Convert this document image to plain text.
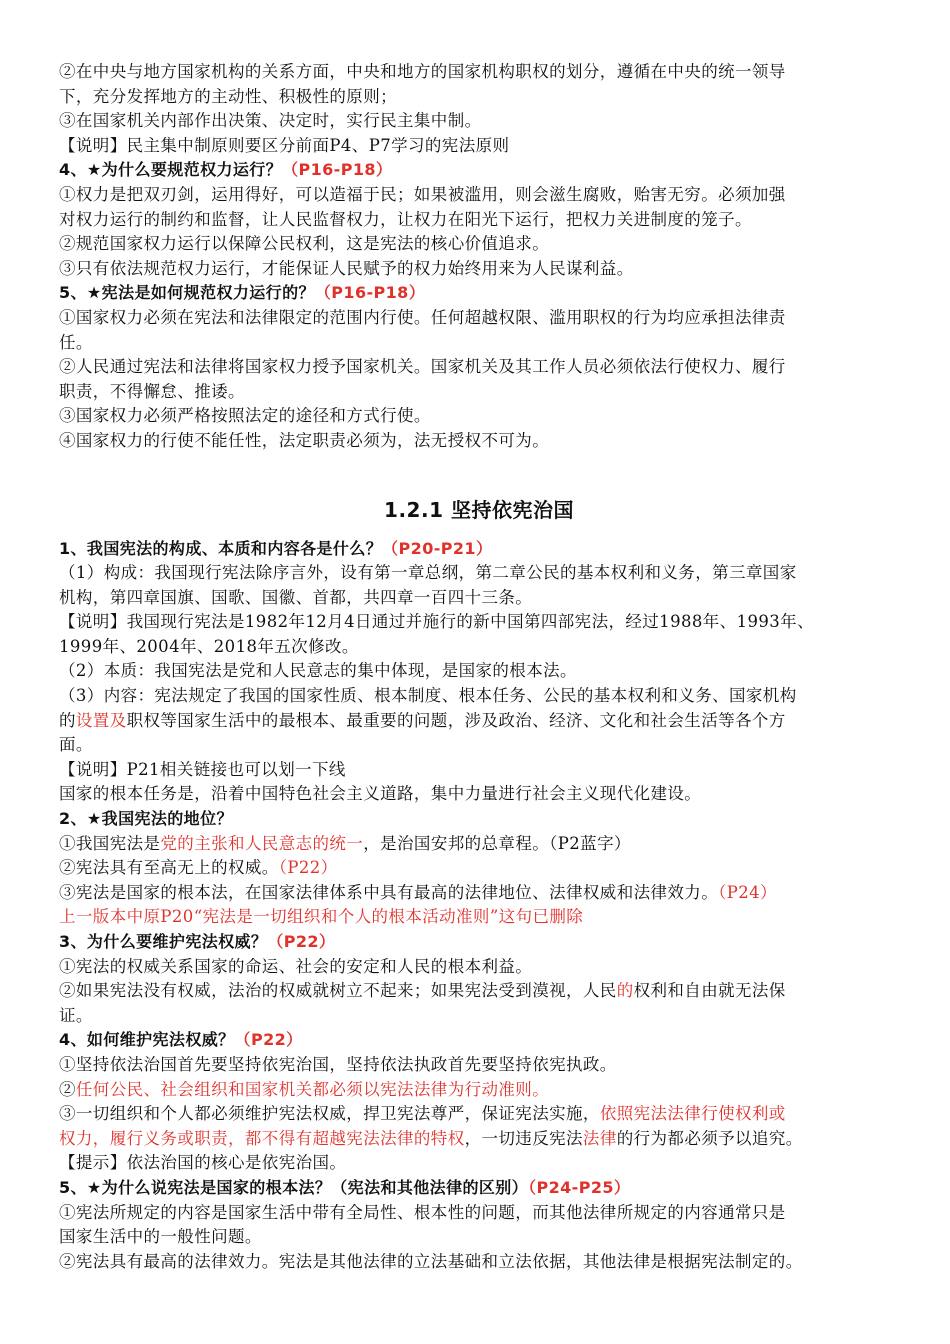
②在中央与地方国家机构的关系方面，中央和地方的国家机构职权的划分，遵循在中央的统一领导
下，充分发挥地方的主动性、积极性的原则；
③在国家机关内部作出决策、决定时，实行民主集中制。
【说明】民主集中制原则要区分前面P4、P7学习的宪法原则
4、★为什么要规范权力运行？（P16-P18）
①权力是把双刃剑，运用得好，可以造福于民；如果被滥用，则会滋生腐败，贻害无穷。必须加强
对权力运行的制约和监督，让人民监督权力，让权力在阳光下运行，把权力关进制度的笼子。
②规范国家权力运行以保障公民权利，这是宪法的核心价值追求。
③只有依法规范权力运行，才能保证人民赋予的权力始终用来为人民谋利益。
5、★宪法是如何规范权力运行的？（P16-P18）
①国家权力必须在宪法和法律限定的范围内行使。任何超越权限、滥用职权的行为均应承担法律责
任。
②人民通过宪法和法律将国家权力授予国家机关。国家机关及其工作人员必须依法行使权力、履行
职责，不得懈怠、推诿。
③国家权力必须严格按照法定的途径和方式行使。
④国家权力的行使不能任性，法定职责必须为，法无授权不可为。
1.2.1 坚持依宪治国
1、我国宪法的构成、本质和内容各是什么？（P20-P21）
（1）构成：我国现行宪法除序言外，设有第一章总纲，第二章公民的基本权利和义务，第三章国家
机构，第四章国旗、国歌、国徽、首都，共四章一百四十三条。
【说明】我国现行宪法是1982年12月4日通过并施行的新中国第四部宪法，经过1988年、1993年、
1999年、2004年、2018年五次修改。
（2）本质：我国宪法是党和人民意志的集中体现，是国家的根本法。
（3）内容：宪法规定了我国的国家性质、根本制度、根本任务、公民的基本权利和义务、国家机构
的设置及职权等国家生活中的最根本、最重要的问题，涉及政治、经济、文化和社会生活等各个方
面。
【说明】P21相关链接也可以划一下线
国家的根本任务是，沿着中国特色社会主义道路，集中力量进行社会主义现代化建设。
2、★我国宪法的地位？
①我国宪法是党的主张和人民意志的统一，是治国安邦的总章程。（P2蓝字）
②宪法具有至高无上的权威。（P22）
③宪法是国家的根本法，在国家法律体系中具有最高的法律地位、法律权威和法律效力。（P24）
上一版本中原P20“宪法是一切组织和个人的根本活动准则”这句已删除
3、为什么要维护宪法权威？（P22）
①宪法的权威关系国家的命运、社会的安定和人民的根本利益。
②如果宪法没有权威，法治的权威就树立不起来；如果宪法受到漠视，人民的权利和自由就无法保
证。
4、如何维护宪法权威？（P22）
①坚持依法治国首先要坚持依宪治国，坚持依法执政首先要坚持依宪执政。
②任何公民、社会组织和国家机关都必须以宪法法律为行动准则。
③一切组织和个人都必须维护宪法权威，捍卫宪法尊严，保证宪法实施，依照宪法法律行使权利或
权力，履行义务或职责，都不得有超越宪法法律的特权，一切违反宪法法律的行为都必须予以追究。
【提示】依法治国的核心是依宪治国。
5、★为什么说宪法是国家的根本法？（宪法和其他法律的区别）（P24-P25）
①宪法所规定的内容是国家生活中带有全局性、根本性的问题，而其他法律所规定的内容通常只是
国家生活中的一般性问题。
②宪法具有最高的法律效力。宪法是其他法律的立法基础和立法依据，其他法律是根据宪法制定的。
